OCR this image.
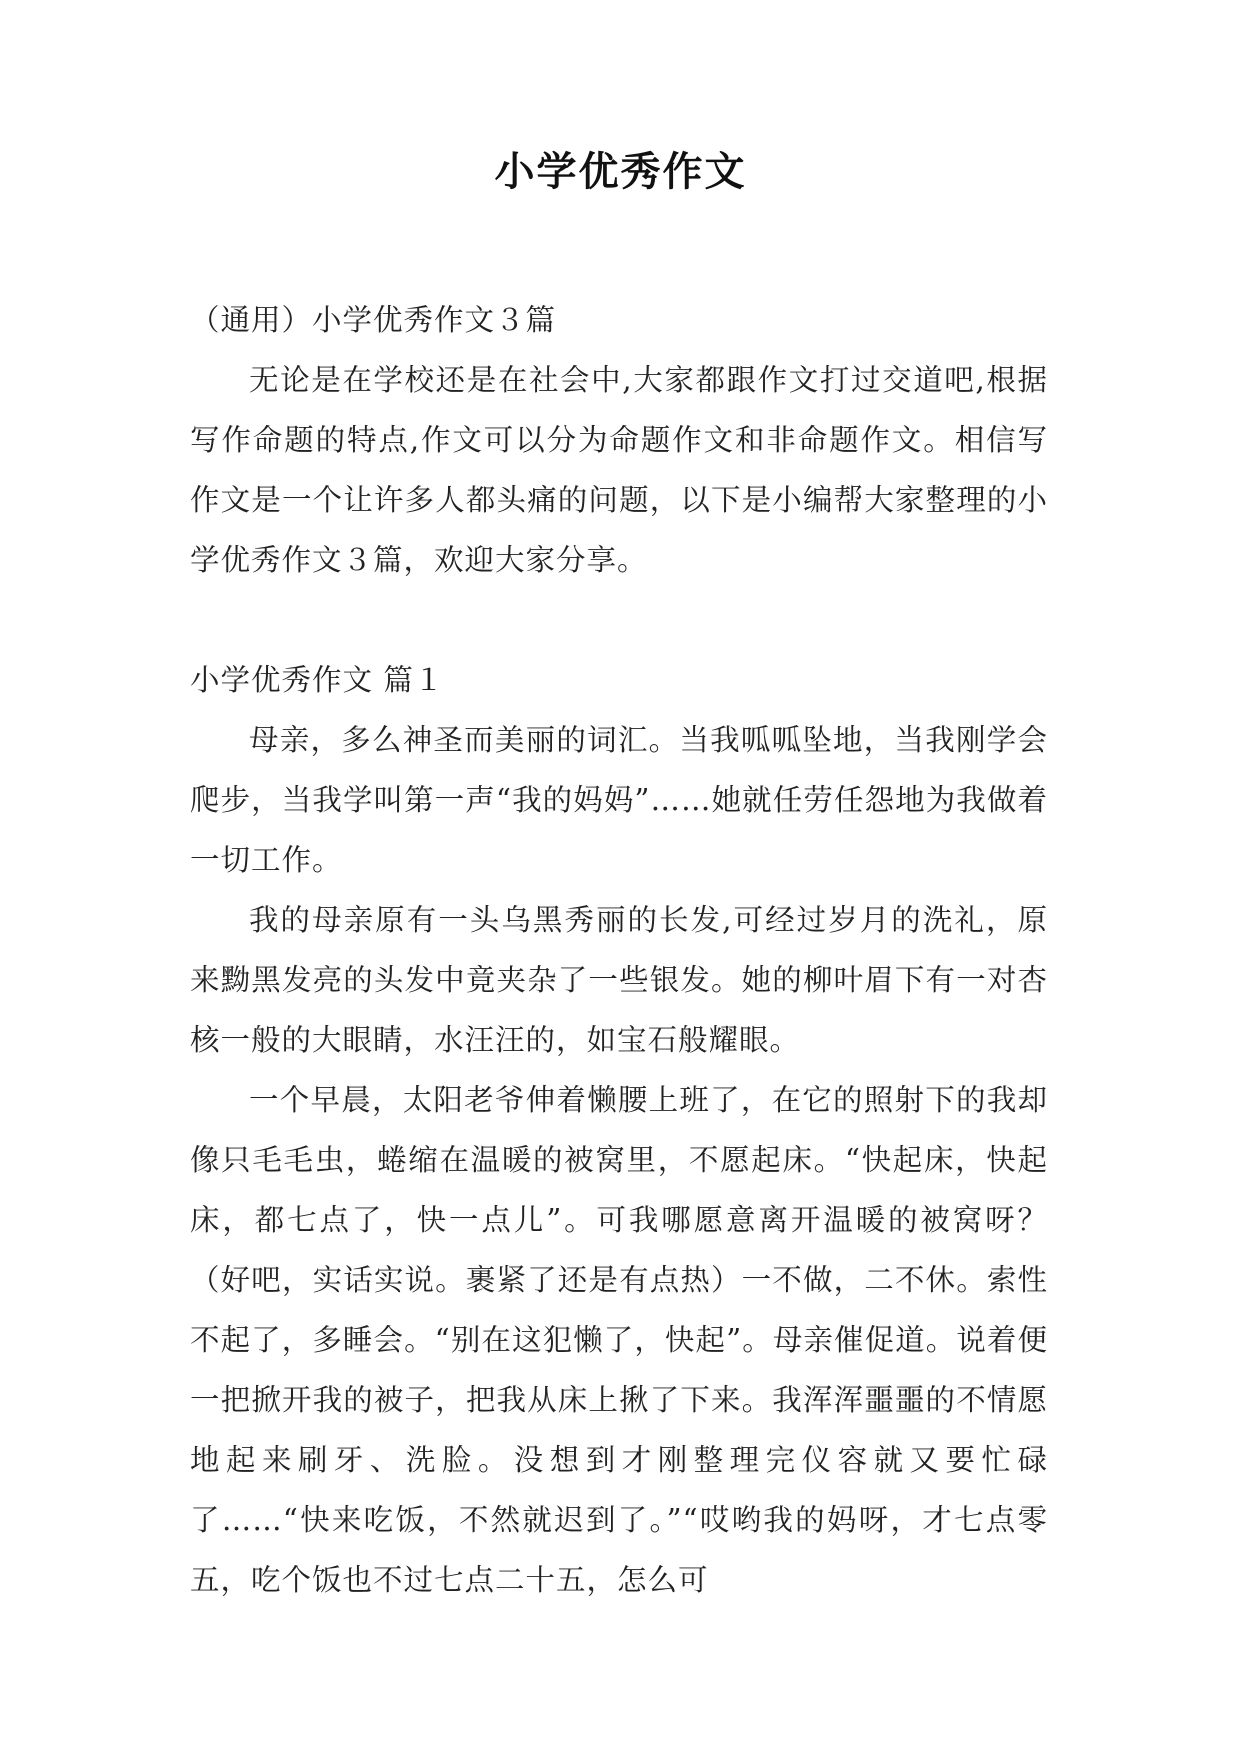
小学优秀作文

（通用）小学优秀作文３篇

无论是在学校还是在社会中,大家都跟作文打过交道吧,根据写作命题的特点,作文可以分为命题作文和非命题作文。相信写作文是一个让许多人都头痛的问题，以下是小编帮大家整理的小学优秀作文３篇，欢迎大家分享。

小学优秀作文 篇１

母亲，多么神圣而美丽的词汇。当我呱呱坠地，当我刚学会爬步，当我学叫第一声“我的妈妈”……她就任劳任怨地为我做着一切工作。

我的母亲原有一头乌黑秀丽的长发,可经过岁月的洗礼，原来黝黑发亮的头发中竟夹杂了一些银发。她的柳叶眉下有一对杏核一般的大眼睛，水汪汪的，如宝石般耀眼。

一个早晨，太阳老爷伸着懒腰上班了，在它的照射下的我却像只毛毛虫，蜷缩在温暖的被窝里，不愿起床。“快起床，快起床，都七点了，快一点儿”。可我哪愿意离开温暖的被窝呀？（好吧，实话实说。裹紧了还是有点热）一不做，二不休。索性不起了，多睡会。“别在这犯懒了，快起”。母亲催促道。说着便一把掀开我的被子，把我从床上揪了下来。我浑浑噩噩的不情愿地起来刷牙、洗脸。没想到才刚整理完仪容就又要忙碌了……“快来吃饭，不然就迟到了。”“哎哟我的妈呀，才七点零五，吃个饭也不过七点二十五，怎么可
